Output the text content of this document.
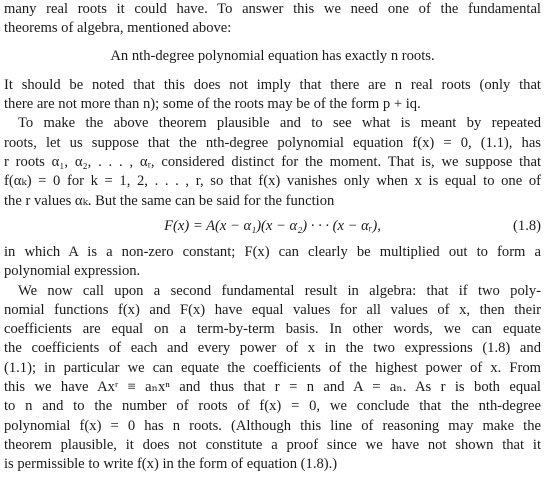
many real roots it could have. To answer this we need one of the fundamental
theorems of algebra, mentioned above:
An nth-degree polynomial equation has exactly n roots.
It should be noted that this does not imply that there are n real roots (only that
there are not more than n); some of the roots may be of the form p + iq.
To make the above theorem plausible and to see what is meant by repeated
roots, let us suppose that the nth-degree polynomial equation f(x) = 0, (1.1), has
r roots α₁, α₂, . . . , αᵣ, considered distinct for the moment. That is, we suppose that
f(αₖ) = 0 for k = 1, 2, . . . , r, so that f(x) vanishes only when x is equal to one of
the r values αₖ. But the same can be said for the function
F(x) = A(x − α₁)(x − α₂) · · · (x − αᵣ),	(1.8)
in which A is a non-zero constant; F(x) can clearly be multiplied out to form a
polynomial expression.
We now call upon a second fundamental result in algebra: that if two poly-
nomial functions f(x) and F(x) have equal values for all values of x, then their
coefficients are equal on a term-by-term basis. In other words, we can equate
the coefficients of each and every power of x in the two expressions (1.8) and
(1.1); in particular we can equate the coefficients of the highest power of x. From
this we have Axʳ ≡ aₙxⁿ and thus that r = n and A = aₙ. As r is both equal
to n and to the number of roots of f(x) = 0, we conclude that the nth-degree
polynomial f(x) = 0 has n roots. (Although this line of reasoning may make the
theorem plausible, it does not constitute a proof since we have not shown that it
is permissible to write f(x) in the form of equation (1.8).)
